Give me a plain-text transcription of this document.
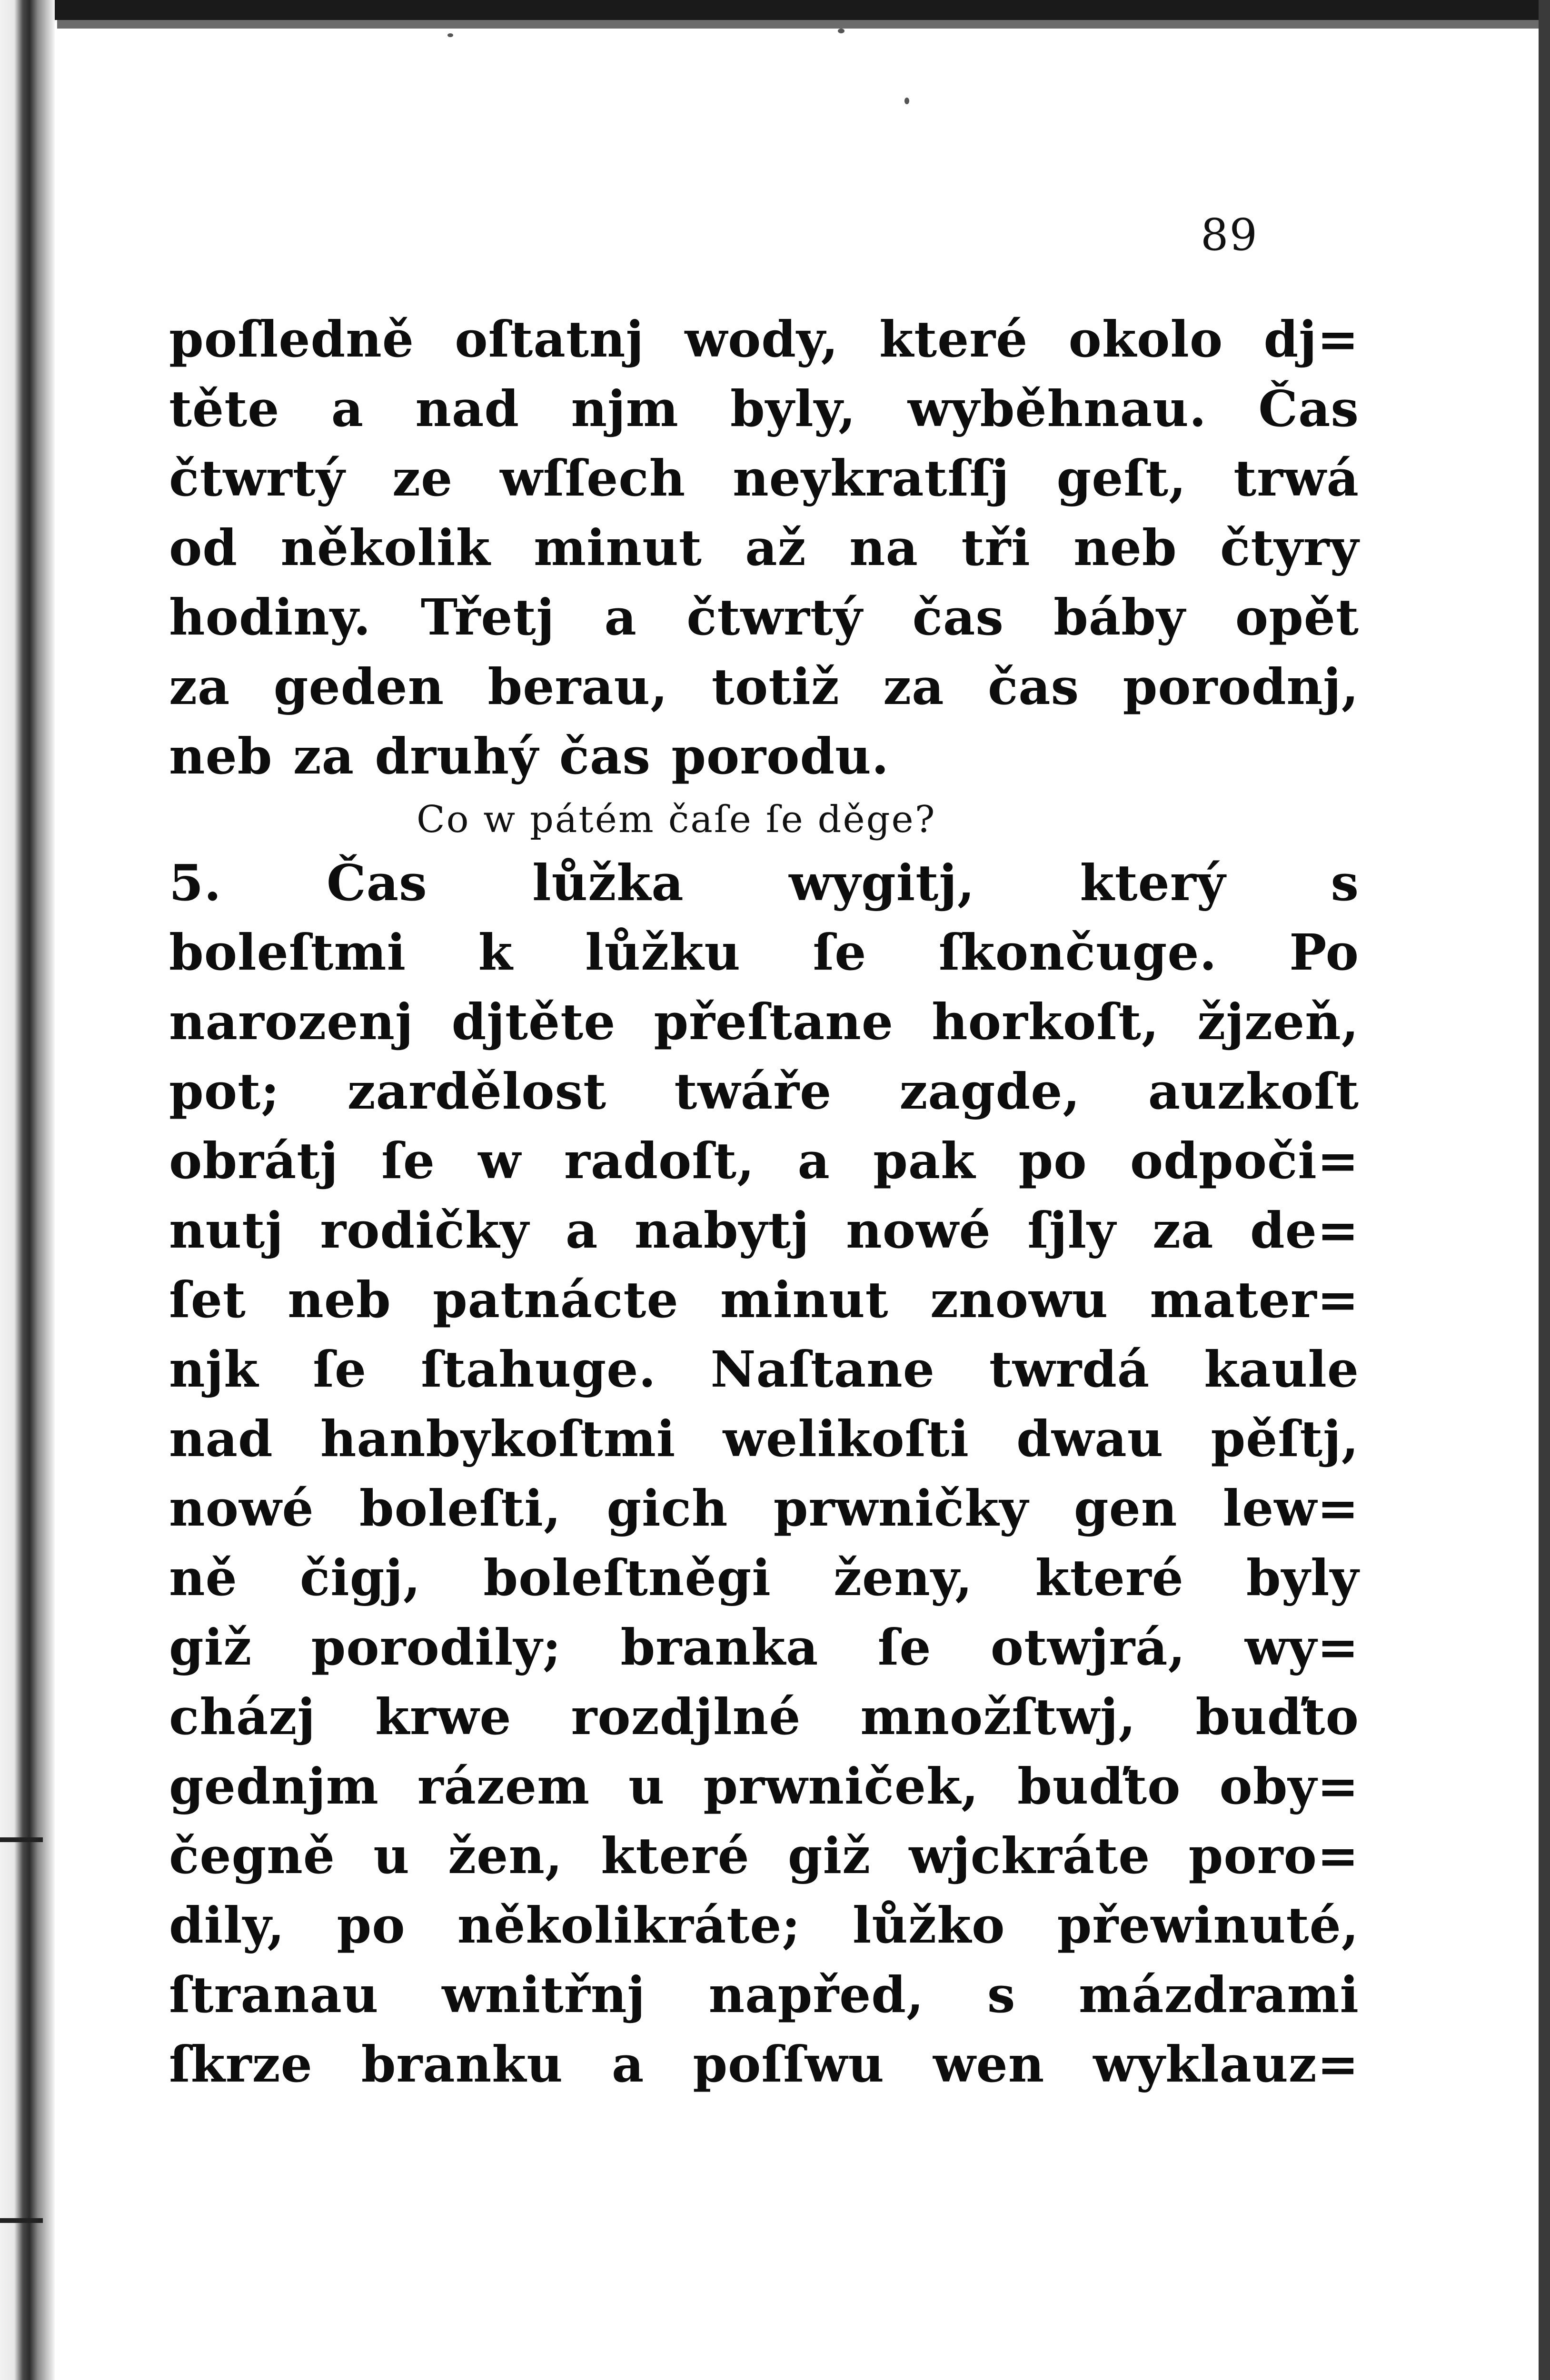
89
poſledně oſtatnj wody, které okolo dj=
těte a nad njm byly, wyběhnau. Čas
čtwrtý ze wſſech neykratſſj geſt, trwá
od několik minut až na tři neb čtyry
hodiny. Třetj a čtwrtý čas báby opět
za geden berau, totiž za čas porodnj,
neb za druhý čas porodu.
Co w pátém čaſe ſe děge?
5. Čas lůžka wygitj, který s
boleſtmi k lůžku ſe ſkončuge. Po
narozenj djtěte přeſtane horkoſt, žjzeň,
pot; zardělost twáře zagde, auzkoſt
obrátj ſe w radoſt, a pak po odpoči=
nutj rodičky a nabytj nowé ſjly za de=
ſet neb patnácte minut znowu mater=
njk ſe ſtahuge. Naſtane twrdá kaule
nad hanbykoſtmi welikoſti dwau pěſtj,
nowé boleſti, gich prwničky gen lew=
ně čigj, boleſtněgi ženy, které byly
giž porodily; branka ſe otwjrá, wy=
cházj krwe rozdjlné množſtwj, buďto
gednjm rázem u prwniček, buďto oby=
čegně u žen, které giž wjckráte poro=
dily, po několikráte; lůžko přewinuté,
ſtranau wnitřnj napřed, s mázdrami
ſkrze branku a poſſwu wen wyklauz=
